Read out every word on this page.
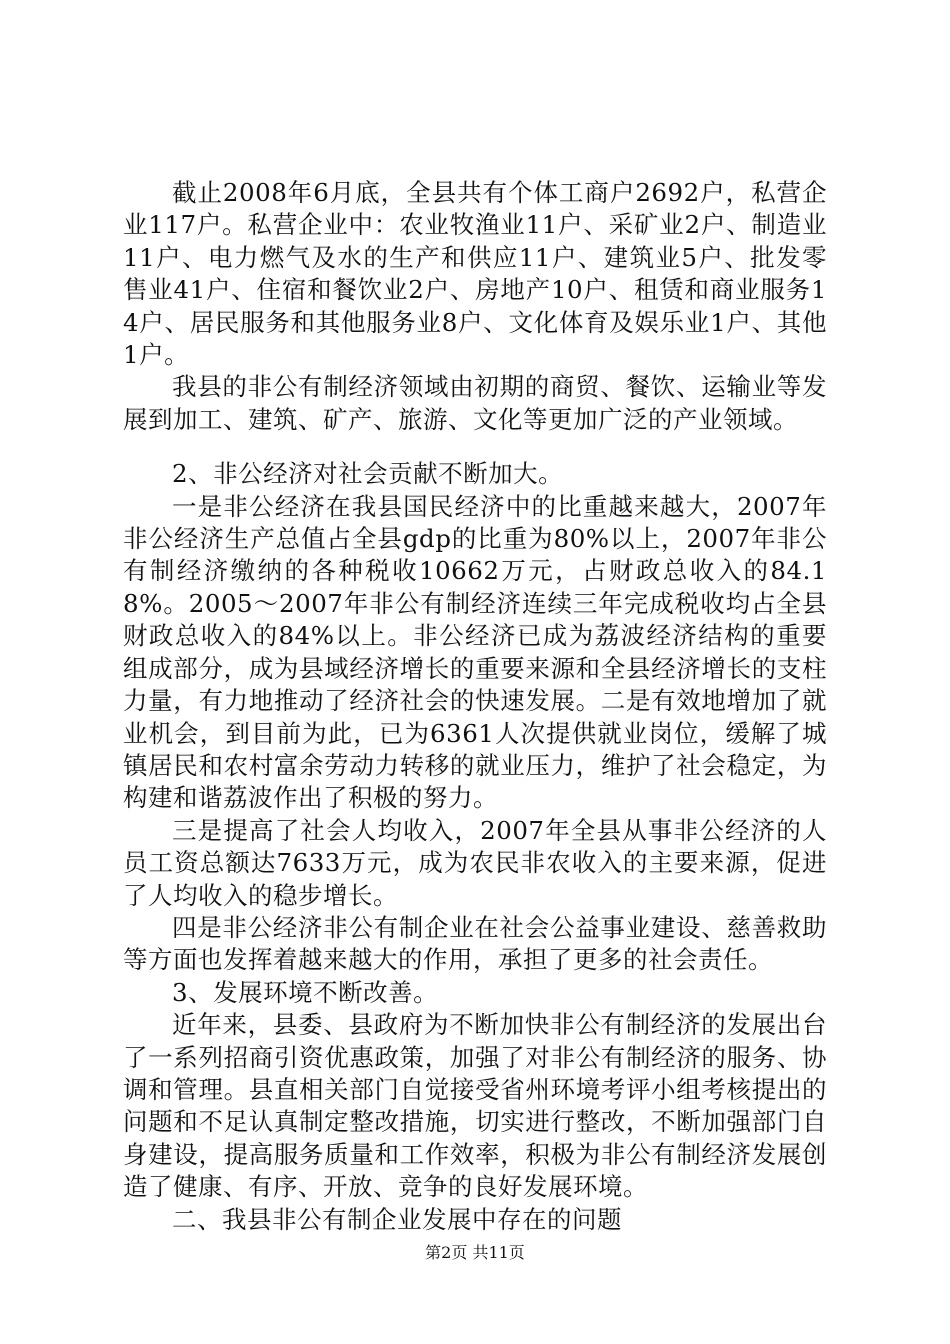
截止2008年6月底，全县共有个体工商户2692户，私营企业117户。私营企业中：农业牧渔业11户、采矿业2户、制造业11户、电力燃气及水的生产和供应11户、建筑业5户、批发零售业41户、住宿和餐饮业2户、房地产10户、租赁和商业服务14户、居民服务和其他服务业8户、文化体育及娱乐业1户、其他1户。

我县的非公有制经济领域由初期的商贸、餐饮、运输业等发展到加工、建筑、矿产、旅游、文化等更加广泛的产业领域。

2、非公经济对社会贡献不断加大。

一是非公经济在我县国民经济中的比重越来越大，2007年非公经济生产总值占全县gdp的比重为80%以上，2007年非公有制经济缴纳的各种税收10662万元，占财政总收入的84.18%。2005～2007年非公有制经济连续三年完成税收均占全县财政总收入的84%以上。非公经济已成为荔波经济结构的重要组成部分，成为县域经济增长的重要来源和全县经济增长的支柱力量，有力地推动了经济社会的快速发展。二是有效地增加了就业机会，到目前为此，已为6361人次提供就业岗位，缓解了城镇居民和农村富余劳动力转移的就业压力，维护了社会稳定，为构建和谐荔波作出了积极的努力。

三是提高了社会人均收入，2007年全县从事非公经济的人员工资总额达7633万元，成为农民非农收入的主要来源，促进了人均收入的稳步增长。

四是非公经济非公有制企业在社会公益事业建设、慈善救助等方面也发挥着越来越大的作用，承担了更多的社会责任。

3、发展环境不断改善。

近年来，县委、县政府为不断加快非公有制经济的发展出台了一系列招商引资优惠政策，加强了对非公有制经济的服务、协调和管理。县直相关部门自觉接受省州环境考评小组考核提出的问题和不足认真制定整改措施，切实进行整改，不断加强部门自身建设，提高服务质量和工作效率，积极为非公有制经济发展创造了健康、有序、开放、竞争的良好发展环境。

二、我县非公有制企业发展中存在的问题

第2页 共11页
